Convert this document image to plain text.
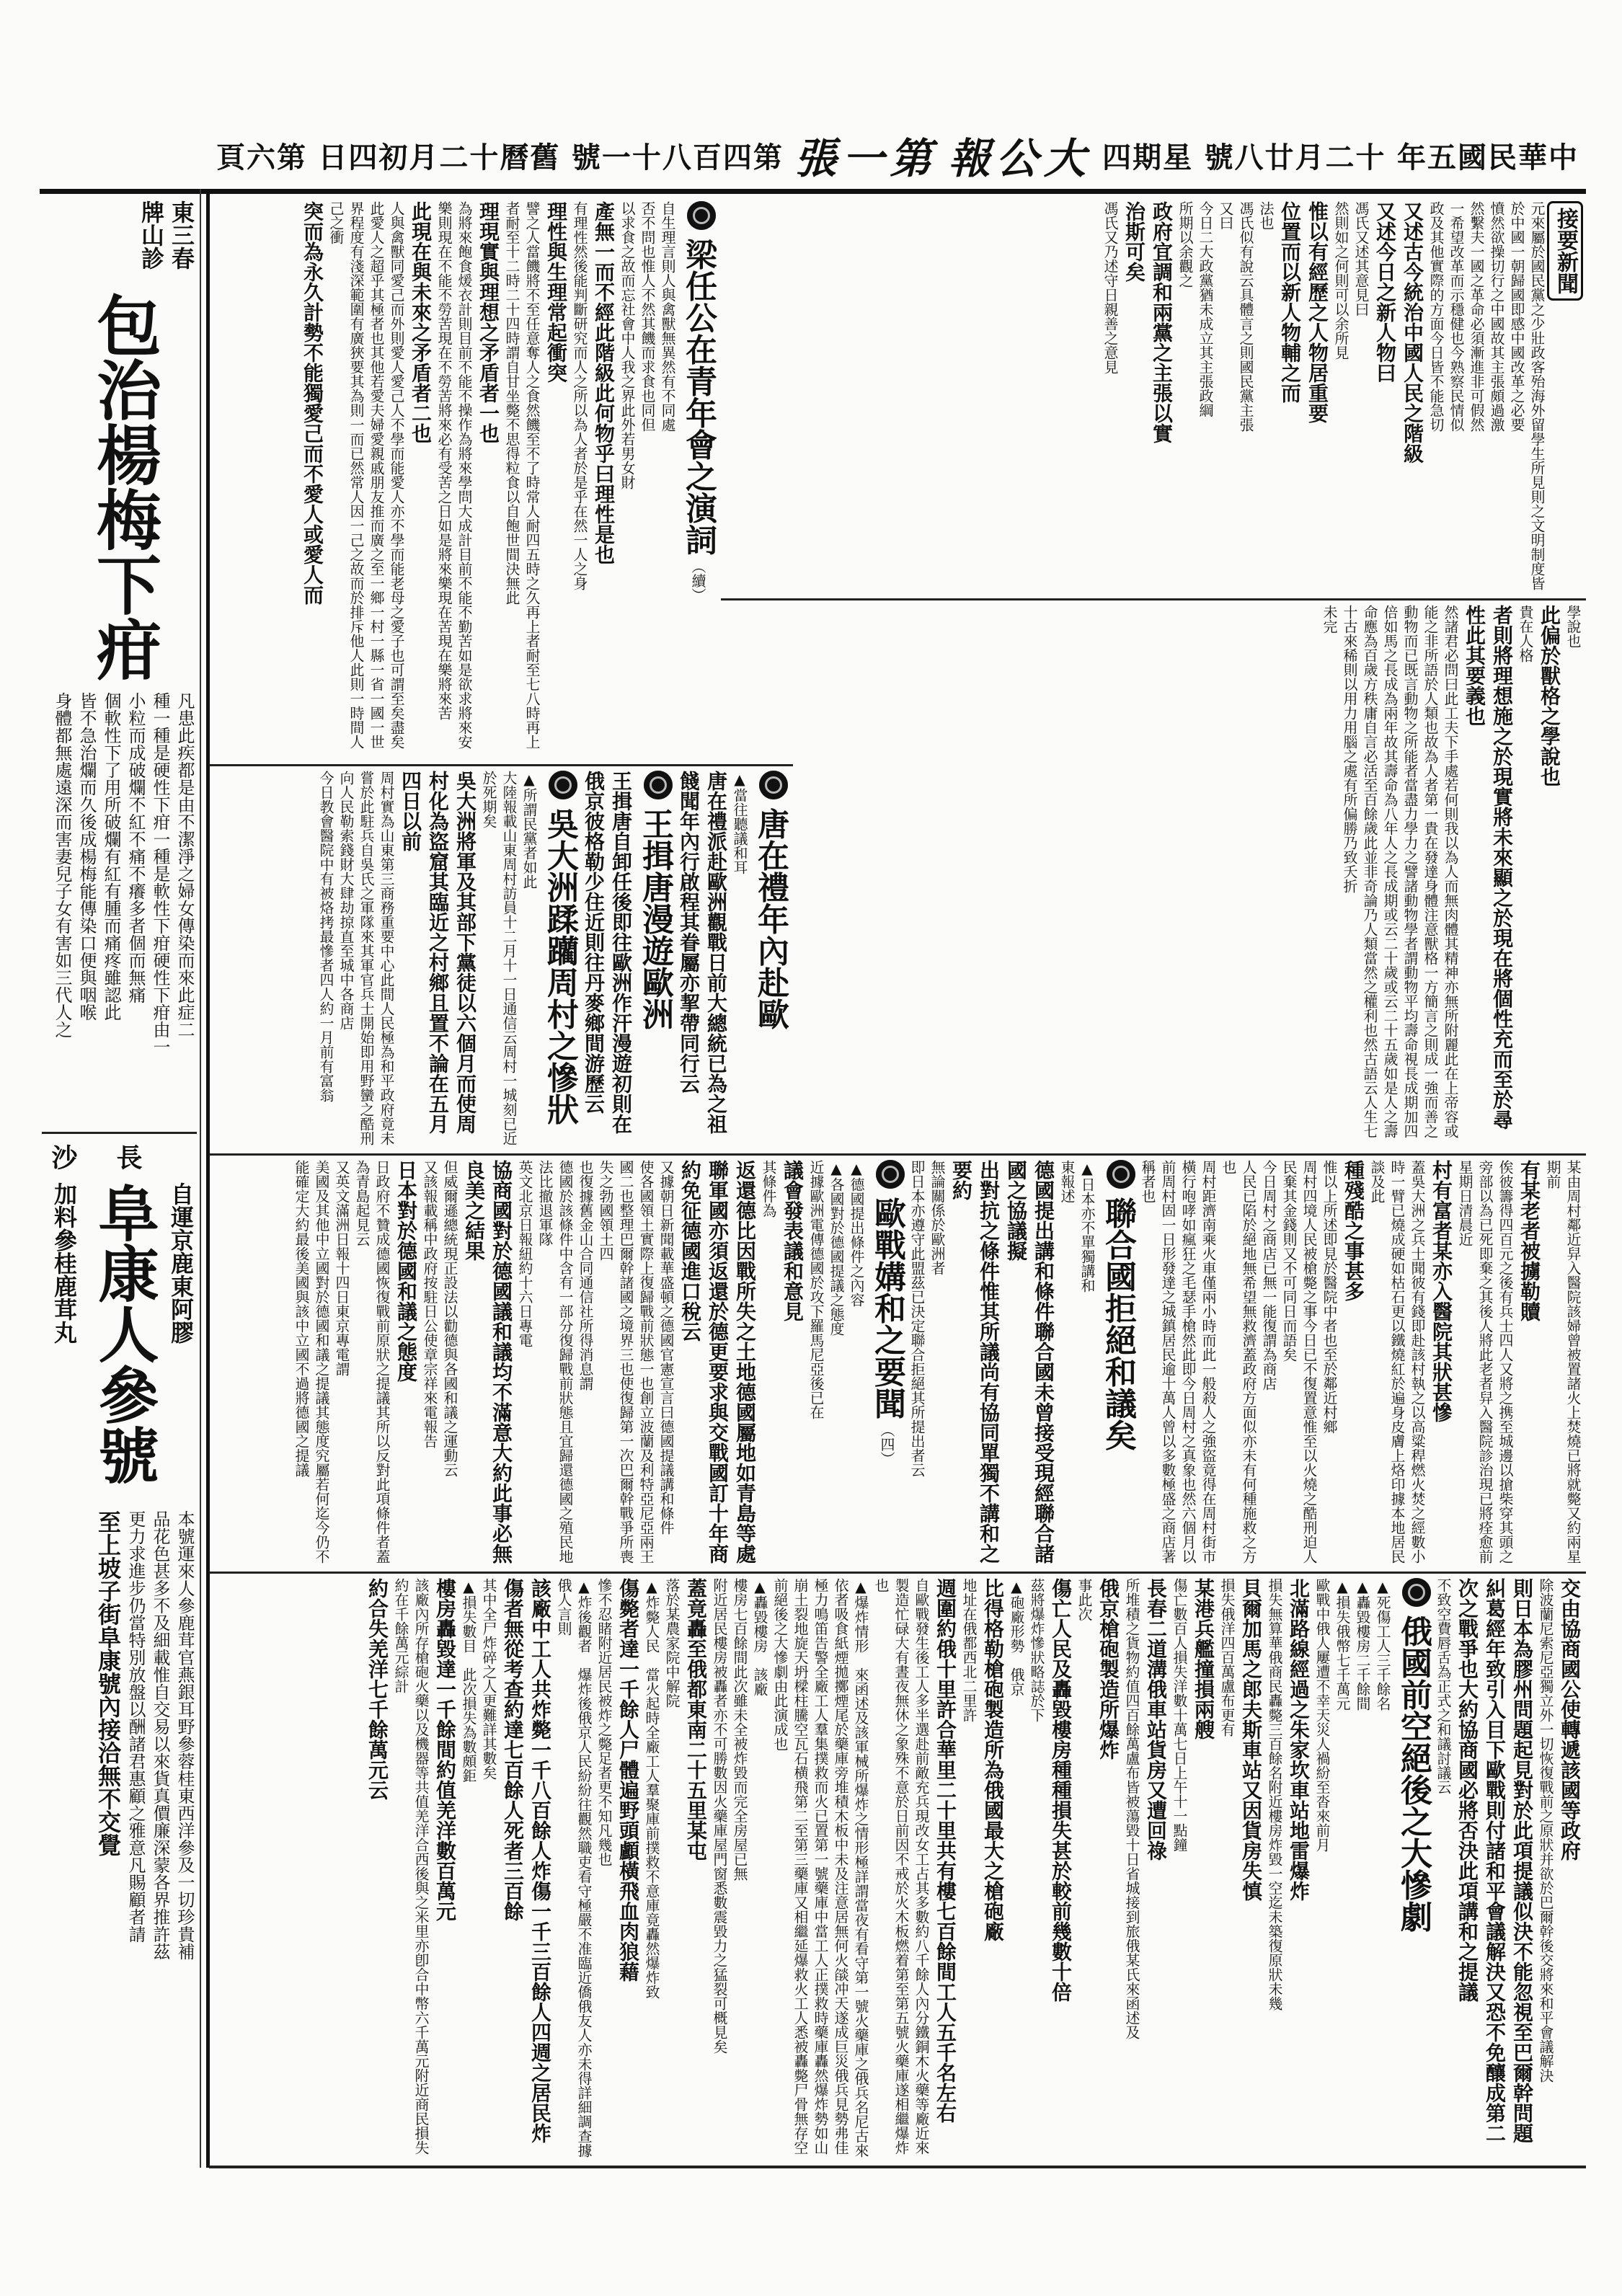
第六頁 舊曆十二月初四日 第四百八十一號 第一張 大公報 星期四 十二月廿八號 中華民國五年

東三春

牌山診

包治楊梅下疳

凡患此疾都是由不潔淨之婦女傳染而來此症二

種一種是硬性下疳一種是軟性下疳硬性下疳由一

小粒而成破爛不紅不痛不癢多者個而無痛

個軟性下了用所破爛有紅有腫而痛疼雖認此

皆不急治爛而久後成楊梅能傳染口便與咽喉

身體都無處遠深而害妻兒子女有害如三代人之

自運京鹿東阿膠
長沙
阜康人參號
加料參桂鹿茸丸

本號運來人參鹿茸官燕銀耳野參蓉桂東西洋參及一切珍貴補

品花色甚多不及細載惟自交易以來貨真價廉深蒙各界推許茲

更力求進步仍當特別放盤以酬諸君惠顧之雅意凡賜顧者請

至上坡子街阜康號內接洽無不交覺

接要新聞

元來屬於國民黨之少壯政客殆海外留學生所見則之文明制度皆

於中國一朝歸國即感中國改革之必要

憤然欲操切行之中國故其主張頗過激

然繫夫一國之革命必須漸進非可假然

一希望改革而示穩健也今熟察民情似

政及其他實際的方面今日皆不能急切

又述古今統治中國人民之階級

又述今日之新人物曰

馮氏又述其意見曰

然則如之何則可以余所見

惟以有經歷之人物居重要

位置而以新人物輔之而

法也

馮氏似有說云具體言之則國民黨主張

又曰

今日二大政黨猶未成立其主張政綱

所期以余觀之

政府宜調和兩黨之主張以實

治斯可矣

馮氏又乃述守日親善之意見

梁任公在青年會之演詞 （續）

自生理言則人與禽獸無異然有不同處

否不問也惟人不然其饑而求食也同但

以求食之故而忘社會中人我之界此外若男女財

產無一而不經此階級此何物乎曰理性是也

有理性然後能判斷研究而人之所以為人者於是乎在然一人之身

理性與生理常起衝突

譬之人當饑將不至任意奪人之食然饑至不了時常人耐四五時之久再上者耐至七八時再上者耐至十二時二十四時謂自甘坐斃不思得粒食以自飽世間決無此

理現實與理想之矛盾者一也

為將來飽食煖衣計則目前不能不操作為將來學問大成計目前不能不勤苦如是欲求將來安樂則現在不能不勞苦現在不勞苦將來必有受苦之日如是將來樂現在苦現在樂將來苦

此現在與未來之矛盾者二也

人與禽獸同愛己而外則愛人愛己人不學而能愛人亦不學而能老母之愛子也可謂至矣盡矣此愛人之超乎其極者也其他若愛夫婦愛親戚朋友推而廣之至一鄉一村一縣一省一國一世界程度有淺深範圍有廣狹要其為則一而已然常人因一己之故而於排斥他人此則一時間人己之衝

突而為永久計勢不能獨愛己而不愛人或愛人而

學說也

此偏於獸格之學說也

貴在人格

者則將理想施之於現實將未來顯之於現在將個性充而至於尋性此其要義也

然諸君必問曰此工夫下手處若何則我以為人而無肉體其精神亦無所附麗此在上帝容或能之非所語於人類也故為人者第一貴在發達身體注意獸格一方簡言之則成一強而善之動物而已既言動物之所能者當盡力學力之譬諸動物學者謂動物平均壽命視長成期加四倍如馬之長成為兩年故其壽命為八年人之長成期或云二十歲或云二十五歲如是人之壽命應為百歲方秩庸自言必活至百餘歲此並非奇論乃人類當然之權利也然古語云人生七十古來稀則以用力用腦之處有所偏勝乃致夭折

未完

唐在禮年內赴歐

▲當往聽議和耳

唐在禮派赴歐洲觀戰日前大總統已為之祖餞聞年內行啟程其眷屬亦挈帶同行云

王揖唐漫遊歐洲

王揖唐自卸任後即往歐洲作汗漫遊初則在俄京彼格勒少住近則往丹麥鄉間游歷云

吳大洲蹂躪周村之慘狀

▲所謂民黨者如此

大陸報載山東周村訪員十二月十一日通信云周村一城刻已近於死期矣

吳大洲將軍及其部下黨徒以六個月而使周村化為盜窟其臨近之村鄉且置不論在五月四日以前

周村實為山東第三商務重要中心此間人民極為和平政府竟未嘗於此駐兵自吳氏之軍隊來其軍官兵士開始即用野蠻之酷刑向人民勒索錢財大肆劫掠直至城中各商店

今日教會醫院中有被烙拷最慘者四人約一月前有富翁

某由周村鄰近舁入醫院該婦曾被置諸火上焚燒已將就斃又約兩星期前

有某老者被擄勒贖

俟彼籌得四百元之後有兵士四人又將之携至城邊以搶柴穿其頭之旁部以為已死即棄之其後人將此老者舁入醫院診治現已將痊愈前星期日清晨近

村有富者某亦入醫院其狀甚慘

蓋吳大洲之兵士聞彼有錢即赴該村執之以高粱稈燃火焚之經數小時一臂已燒成硬如枯石更以鐵燒紅於遍身皮膚上烙印據本地居民談及此

種殘酷之事甚多

惟以上所述即見於醫院中者也至於鄰近村鄉

周村四境人民被槍斃之事今日已不復置意惟至以火燒之酷刑迫人民棄其金錢則又不可同日而語矣

今日周村之商店已無一能復謂為商店

人民已陷於絕地無希望無救濟蓋政府方面似亦未有何種施救之方也

周村距濟南乘火車僅兩小時而此一般殺人之強盜竟得在周村街市橫行咆哮如瘋狂之毛瑟手槍然此即今日周村之真象也然六個月以前周村固一日形發達之城鎮居民逾十萬人曾以多數極盛之商店著稱者也

聯合國拒絕和議矣

▲日本亦不單獨講和

東報述

德國提出講和條件聯合國未曾接受現經聯合諸國之協議擬

出對抗之條件惟其所議尚有協同單獨不講和之要約

無論關係於歐洲者

即日本亦遵守此盟茲已決定聯合拒絕其所提出者云

歐戰媾和之要聞 （四）

▲德國提出條件之內容

▲各國對於德國提議之態度

近據歐洲電傳德國於攻下羅馬尼亞後已在

議會發表議和意見

其條件為

返還德比因戰所失之土地德國屬地如青島等處聯軍國亦須返還於德更要求與交戰國訂十年商約免征德國進口稅云

又據朝日新聞載華盛頓之德國官憲宣言曰德國提議講和條件

使各國領土實際上復歸戰前狀態一也創立波蘭及利特亞尼亞兩王國二也整理巴爾幹諸國之境界三也使復歸第一次巴爾幹戰爭所喪失之勃國領土四

也復據舊金山合同通信社所得消息謂

德國於該條件中含有一部分復歸戰前狀態且宜歸還德國之殖民地法比撤退軍隊

英文北京日報紐約十六日專電

協商國對於德國議和議均不滿意大約此事必無良美之結果

但威爾遜總統現正設法以勸德與各國和議之運動云

又該報載稱中政府按駐日公使章宗祥來電報告

日本對於德國和議之態度

日政府不贊成德國恢復戰前原狀之提議其所以反對此項條件者蓋為青島起見云

又英文滿洲日報十四日東京專電謂

美國及其他中立國對於德國和議之提議其態度究屬若何迄今仍不能確定大約最後美國與該中立國不過將德國之提議

交由協商國公使轉遞該國等政府

除波蘭尼索尼亞獨立外一切恢復戰前之原狀并欲於巴爾幹後交將來和平會議解決

則日本為膠州問題起見對於此項提議似決不能忽視至巴爾幹問題糾葛經年致引入目下歐戰則付諸和平會議解決又恐不免釀成第二次之戰爭也大約協商國必將否決此項講和之提議

不致空費唇舌為正式之和議討議云

俄國前空絕後之大慘劇

▲死傷工人三千餘名

▲轟毀樓房二千餘間

▲損失俄幣七千萬元

歐戰中俄人屢遭不幸天災人禍紛至沓來前月

北滿路線經過之朱家坎車站地雷爆炸

損失無算華俄商民轟斃三百餘名附近樓房炸毀一空迄未築復原狀未幾

貝爾加馬之郎夫斯車站又因貨房失慎

損失俄洋四百萬盧布更有

某港兵艦撞損兩艘

傷亡數百人損失洋數十萬七日上午十一點鐘

長春二道溝俄車站貨房又遭回祿

所堆積之貨物約值四百餘萬盧布皆被蕩毀十日省城接到旅俄某氏來函述及

俄京槍砲製造所爆炸

事此次

傷亡人民及轟毀樓房種種損失甚於較前幾數十倍

茲將爆炸慘狀略誌於下

▲砲廠形勢　俄京

比得格勒槍砲製造所為俄國最大之槍砲廠

地址在俄都西北二里許

週圍約俄十里許合華里二十里共有樓七百餘間工人五千名左右

自歐戰發生後工人多半選赴前敵充兵現改女工占其多數約八千餘人內分鐵銅木火藥等廠近來製造忙碌大有晝夜無休之象殊不意於日前因不戒於火木板燃着第至第五號火藥庫遂相繼爆炸也

▲爆炸情形　來函述及該軍械所爆炸之情形極詳謂當夜有看守第一號火藥庫之俄兵名尼古來依者吸食紙煙拋擲煙尾於藥庫旁堆積木板中未及注意居無何火燄冲天遂成巨災俄兵見勢弗佳極力鳴笛告警全廠工人羣集撲救而火已置第一號藥庫中當工人正撲救時藥庫轟然爆炸勢如山崩土裂地旋天坍樑柱騰空瓦石横飛第二至第三藥庫又相繼延爆救火工人悉被轟斃尸骨無存空前絕後之大慘劇由此演成也

▲轟毀樓房　該廠

樓房七百餘間此次雖未全被炸毀而完全房屋已無

附近居民樓房被轟者亦不可勝數因火藥庫屋門窗悉數震毀力之猛裂可概見矣

蓋竟轟至俄都東南二十五里某屯

落於某農家院中解院

▲炸斃人民　當火起時全廠工人羣聚庫前撲救不意庫竟轟然爆炸致

傷斃者達一千餘人尸體遍野頭顱橫飛血肉狼藉

慘不忍睹附近居民被炸之斃足者更不知凡幾也

▲炸後觀者　爆炸後俄京人民紛紛往觀然職吏看守極嚴不准臨近僑俄友人亦未得詳細調查據俄人言則

該廠中工人共炸斃一千八百餘人炸傷一千三百餘人四週之居民炸傷者無從考查約達七百餘人死者三百餘

其中全尸炸碎之人更難詳其數矣

▲損失數目　此次損失為數頗鉅

樓房轟毀達一千餘間約值羌洋數百萬元

該廠內所存槍砲火藥以及機器等共值羌洋合西後與之米里亦卽合中幣六千萬元附近商民損失約在千餘萬元綜計

約合失羌洋七千餘萬元云
